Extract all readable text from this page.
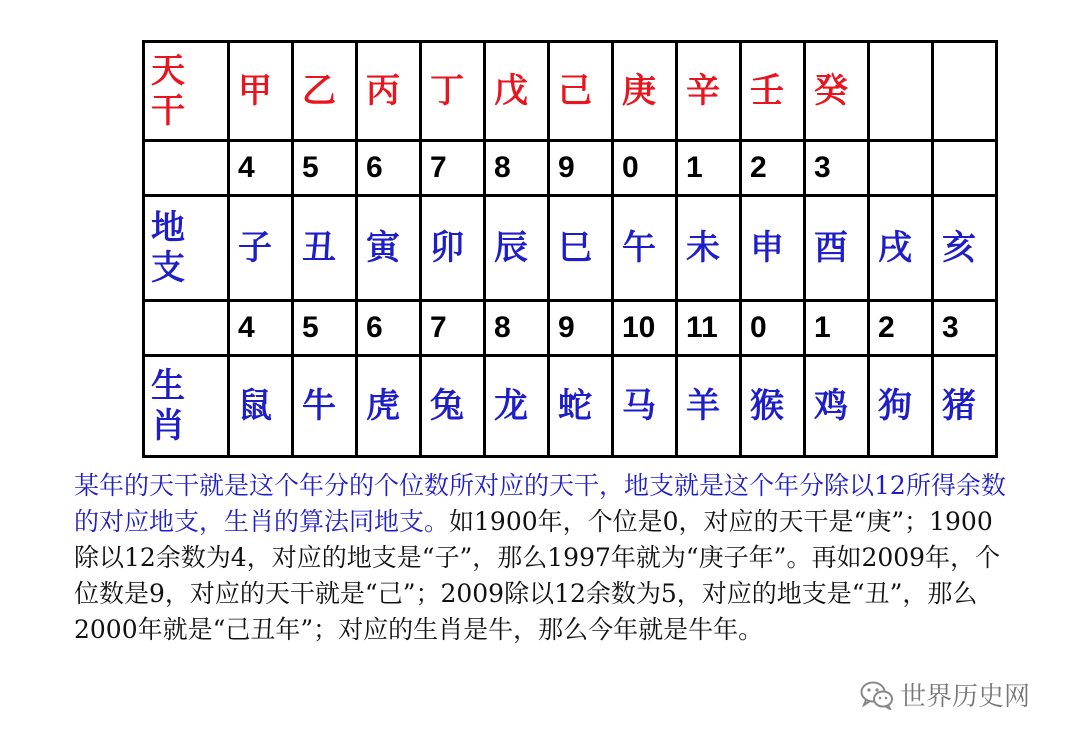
天
干	甲	乙	丙	丁	戊	己	庚	辛	壬	癸		
	4	5	6	7	8	9	0	1	2	3		

地
支	子	丑	寅	卯	辰	巳	午	未	申	酉	戌	亥
	4	5	6	7	8	9	10	11	0	1	2	3

生
肖	鼠	牛	虎	兔	龙	蛇	马	羊	猴	鸡	狗	猪
某年的天干就是这个年分的个位数所对应的天干，地支就是这个年分除以12所得余数的对应地支，生肖的算法同地支。如1900年，个位是0，对应的天干是“庚”；1900除以12余数为4，对应的地支是“子”，那么1997年就为“庚子年”。再如2009年，个位数是9，对应的天干就是“己”；2009除以12余数为5，对应的地支是“丑”，那么2000年就是“己丑年”；对应的生肖是牛，那么今年就是牛年。
世界历史网
